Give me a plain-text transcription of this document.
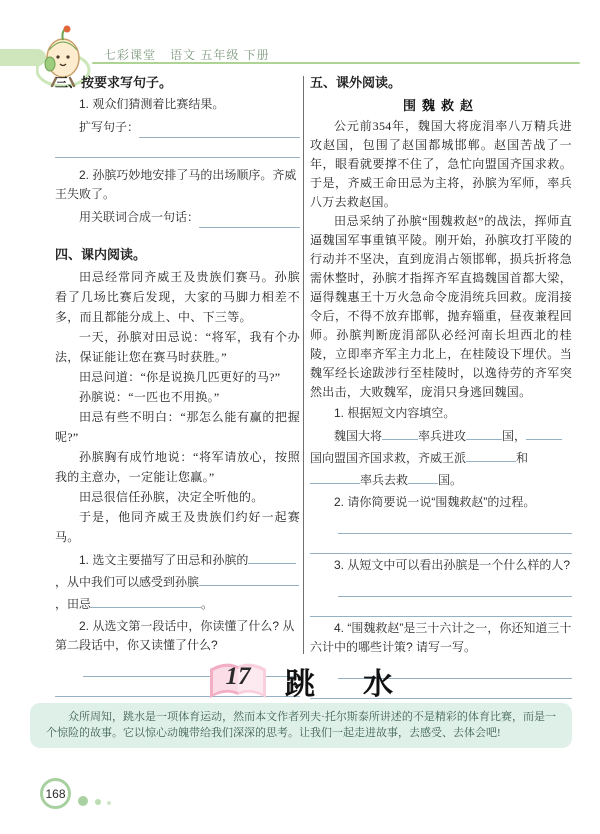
七彩课堂 语文 五年级 下册
三、按要求写句子。
1. 观众们猜测着比赛结果。
扩写句子：
2. 孙膑巧妙地安排了马的出场顺序。齐威王失败了。
用关联词合成一句话：
四、课内阅读。

田忌经常同齐威王及贵族们赛马。孙膑看了几场比赛后发现，大家的马脚力相差不多，而且都能分成上、中、下三等。

一天，孙膑对田忌说：“将军，我有个办法，保证能让您在赛马时获胜。”

田忌问道：“你是说换几匹更好的马?”

孙膑说：“一匹也不用换。”

田忌有些不明白：“那怎么能有赢的把握呢?”

孙膑胸有成竹地说：“将军请放心，按照我的主意办，一定能让您赢。”

田忌很信任孙膑，决定全听他的。

于是，他同齐威王及贵族们约好一起赛马。

1. 选文主要描写了田忌和孙膑的，从中我们可以感受到孙膑，田忌	。
2. 从选文第一段话中，你读懂了什么? 从第二段话中，你又读懂了什么?
五、课外阅读。
围魏救赵

公元前354年，魏国大将庞涓率八万精兵进攻赵国，包围了赵国都城邯郸。赵国苦战了一年，眼看就要撑不住了，急忙向盟国齐国求救。于是，齐威王命田忌为主将，孙膑为军师，率兵八万去救赵国。

田忌采纳了孙膑“围魏救赵”的战法，挥师直逼魏国军事重镇平陵。刚开始，孙膑攻打平陵的行动并不坚决，直到庞涓占领邯郸，损兵折将急需休整时，孙膑才指挥齐军直捣魏国首都大梁，逼得魏惠王十万火急命令庞涓统兵回救。庞涓接令后，不得不放弃邯郸，抛弃辎重，昼夜兼程回师。孙膑判断庞涓部队必经河南长坦西北的桂陵，立即率齐军主力北上，在桂陵设下埋伏。当魏军经长途跋涉行至桂陵时，以逸待劳的齐军突然出击，大败魏军，庞涓只身逃回魏国。

1. 根据短文内容填空。
魏国大将	率兵进攻	国，国向盟国齐国求救，齐威王派	和率兵去救	国。
2. 请你简要说一说“围魏救赵”的过程。
3. 从短文中可以看出孙膑是一个什么样的人?
4. “围魏救赵”是三十六计之一，你还知道三十六计中的哪些计策? 请写一写。
17	跳 水

众所周知，跳水是一项体育运动，然而本文作者列夫·托尔斯泰所讲述的不是精彩的体育比赛，而是一个惊险的故事。它以惊心动魄带给我们深深的思考。让我们一起走进故事，去感受、去体会吧!

168
